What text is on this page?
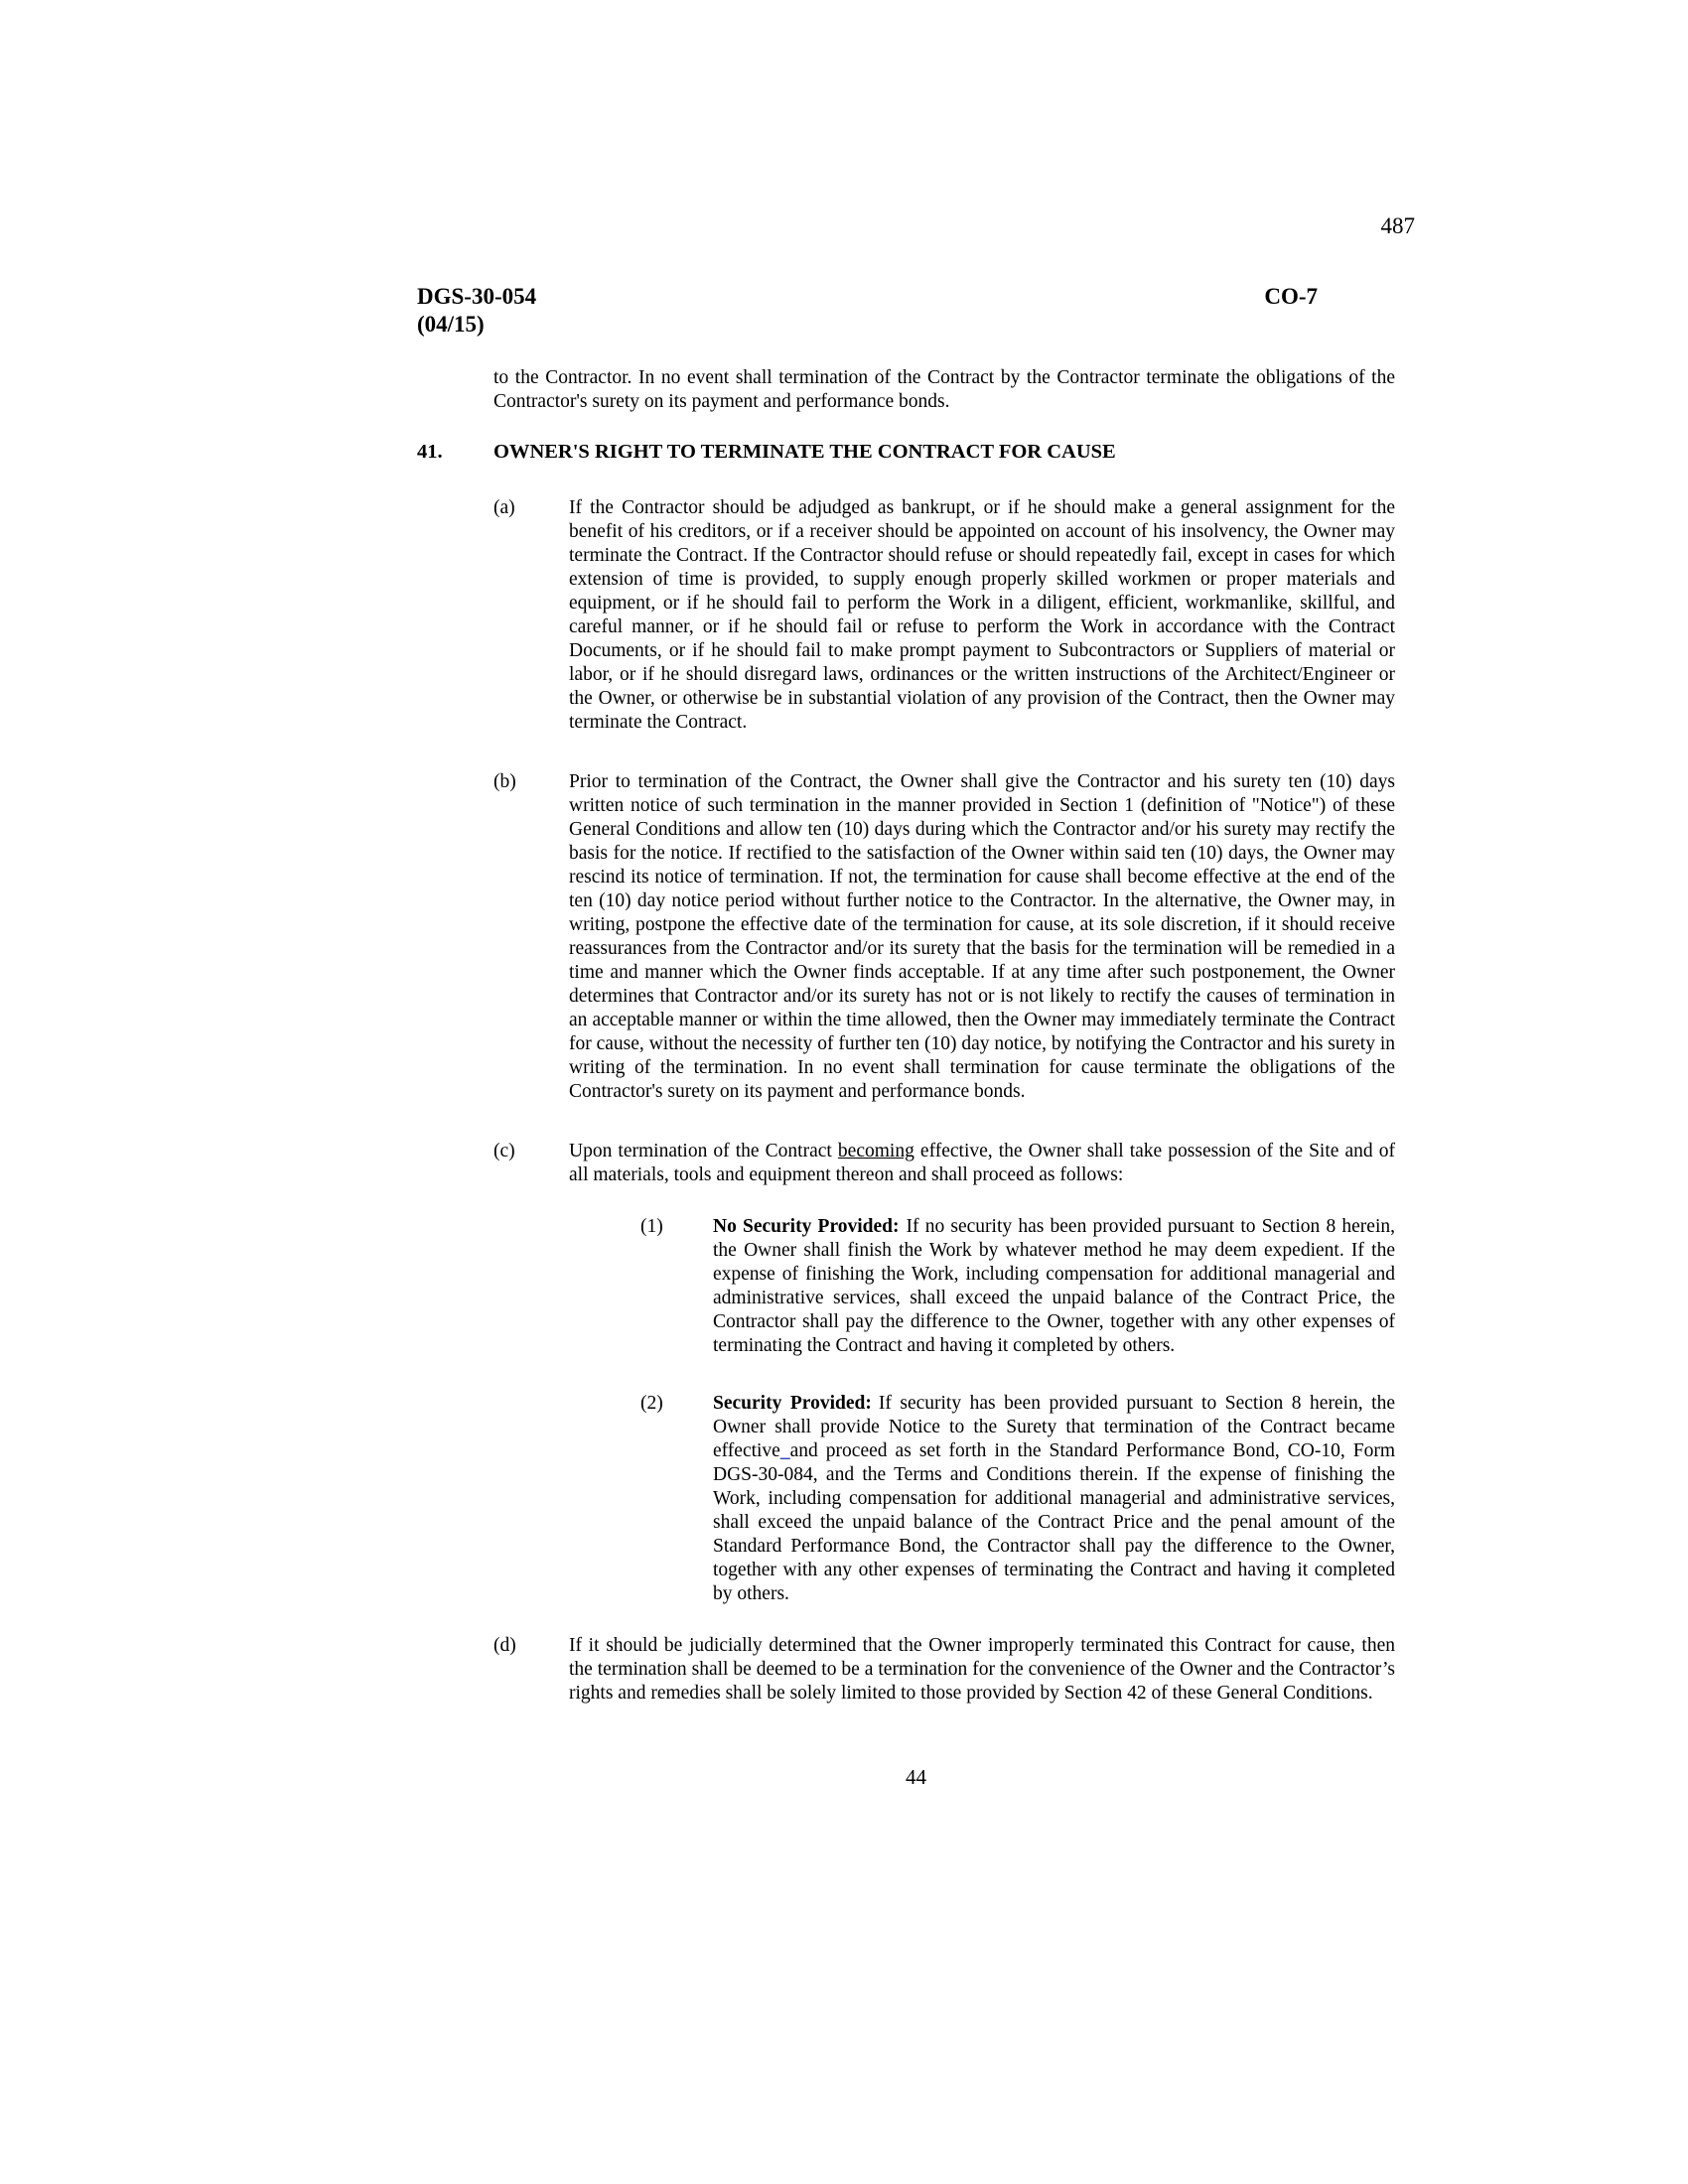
487
DGS-30-054
(04/15)
CO-7
to the Contractor. In no event shall termination of the Contract by the Contractor terminate the obligations of the Contractor's surety on its payment and performance bonds.
41.	OWNER'S RIGHT TO TERMINATE THE CONTRACT FOR CAUSE
(a)	If the Contractor should be adjudged as bankrupt, or if he should make a general assignment for the benefit of his creditors, or if a receiver should be appointed on account of his insolvency, the Owner may terminate the Contract. If the Contractor should refuse or should repeatedly fail, except in cases for which extension of time is provided, to supply enough properly skilled workmen or proper materials and equipment, or if he should fail to perform the Work in a diligent, efficient, workmanlike, skillful, and careful manner, or if he should fail or refuse to perform the Work in accordance with the Contract Documents, or if he should fail to make prompt payment to Subcontractors or Suppliers of material or labor, or if he should disregard laws, ordinances or the written instructions of the Architect/Engineer or the Owner, or otherwise be in substantial violation of any provision of the Contract, then the Owner may terminate the Contract.
(b)	Prior to termination of the Contract, the Owner shall give the Contractor and his surety ten (10) days written notice of such termination in the manner provided in Section 1 (definition of "Notice") of these General Conditions and allow ten (10) days during which the Contractor and/or his surety may rectify the basis for the notice. If rectified to the satisfaction of the Owner within said ten (10) days, the Owner may rescind its notice of termination. If not, the termination for cause shall become effective at the end of the ten (10) day notice period without further notice to the Contractor. In the alternative, the Owner may, in writing, postpone the effective date of the termination for cause, at its sole discretion, if it should receive reassurances from the Contractor and/or its surety that the basis for the termination will be remedied in a time and manner which the Owner finds acceptable. If at any time after such postponement, the Owner determines that Contractor and/or its surety has not or is not likely to rectify the causes of termination in an acceptable manner or within the time allowed, then the Owner may immediately terminate the Contract for cause, without the necessity of further ten (10) day notice, by notifying the Contractor and his surety in writing of the termination. In no event shall termination for cause terminate the obligations of the Contractor's surety on its payment and performance bonds.
(c)	Upon termination of the Contract becoming effective, the Owner shall take possession of the Site and of all materials, tools and equipment thereon and shall proceed as follows:
(1)	No Security Provided: If no security has been provided pursuant to Section 8 herein, the Owner shall finish the Work by whatever method he may deem expedient. If the expense of finishing the Work, including compensation for additional managerial and administrative services, shall exceed the unpaid balance of the Contract Price, the Contractor shall pay the difference to the Owner, together with any other expenses of terminating the Contract and having it completed by others.
(2)	Security Provided: If security has been provided pursuant to Section 8 herein, the Owner shall provide Notice to the Surety that termination of the Contract became effective_and proceed as set forth in the Standard Performance Bond, CO-10, Form DGS-30-084, and the Terms and Conditions therein. If the expense of finishing the Work, including compensation for additional managerial and administrative services, shall exceed the unpaid balance of the Contract Price and the penal amount of the Standard Performance Bond, the Contractor shall pay the difference to the Owner, together with any other expenses of terminating the Contract and having it completed by others.
(d)	If it should be judicially determined that the Owner improperly terminated this Contract for cause, then the termination shall be deemed to be a termination for the convenience of the Owner and the Contractor’s rights and remedies shall be solely limited to those provided by Section 42 of these General Conditions.
44
